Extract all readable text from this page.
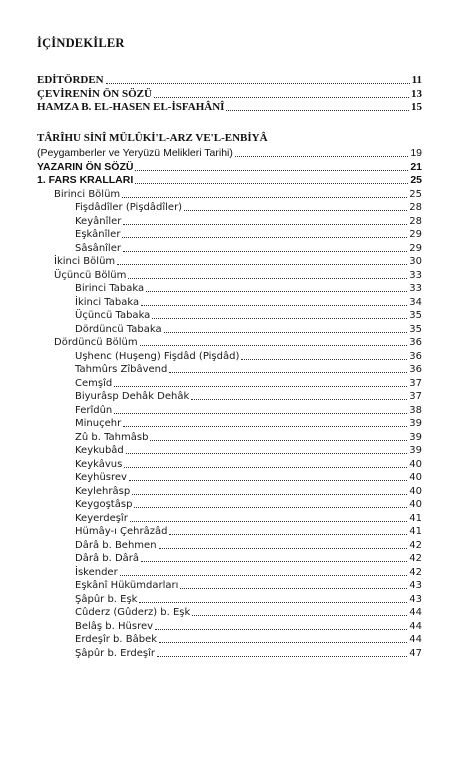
İÇİNDEKİLER
EDİTÖRDEN	11
ÇEVİRENİN ÖN SÖZÜ	13
HAMZA B. EL-HASEN EL-İSFAHÂNÎ	15
TÂRÎHU SİNÎ MÜLÛKİ'L-ARZ VE'L-ENBİYÂ
(Peygamberler ve Yeryüzü Melikleri Tarihi)	19
YAZARIN ÖN SÖZÜ	21
1. FARS KRALLARI	25
Birinci Bölüm	25
Fişdâdîler (Pişdâdîler)	28
Keyânîler	28
Eşkânîler	29
Sâsânîler	29
İkinci Bölüm	30
Üçüncü Bölüm	33
Birinci Tabaka	33
İkinci Tabaka	34
Üçüncü Tabaka	35
Dördüncü Tabaka	35
Dördüncü Bölüm	36
Uşhenc (Huşeng) Fişdâd (Pişdâd)	36
Tahmûrs Zîbâvend	36
Cemşîd	37
Biyurâsp Dehâk Dehâk	37
Ferîdûn	38
Minuçehr	39
Zû b. Tahmâsb	39
Keykubâd	39
Keykâvus	40
Keyhüsrev	40
Keylehrâsp	40
Keygoştâsp	40
Keyerdeşîr	41
Hümây-ı Çehrâzâd	41
Dârâ b. Behmen	42
Dârâ b. Dârâ	42
İskender	42
Eşkânî Hükümdarları	43
Şâpûr b. Eşk	43
Cûderz (Gûderz) b. Eşk	44
Belâş b. Hüsrev	44
Erdeşîr b. Bâbek	44
Şâpûr b. Erdeşîr	47
